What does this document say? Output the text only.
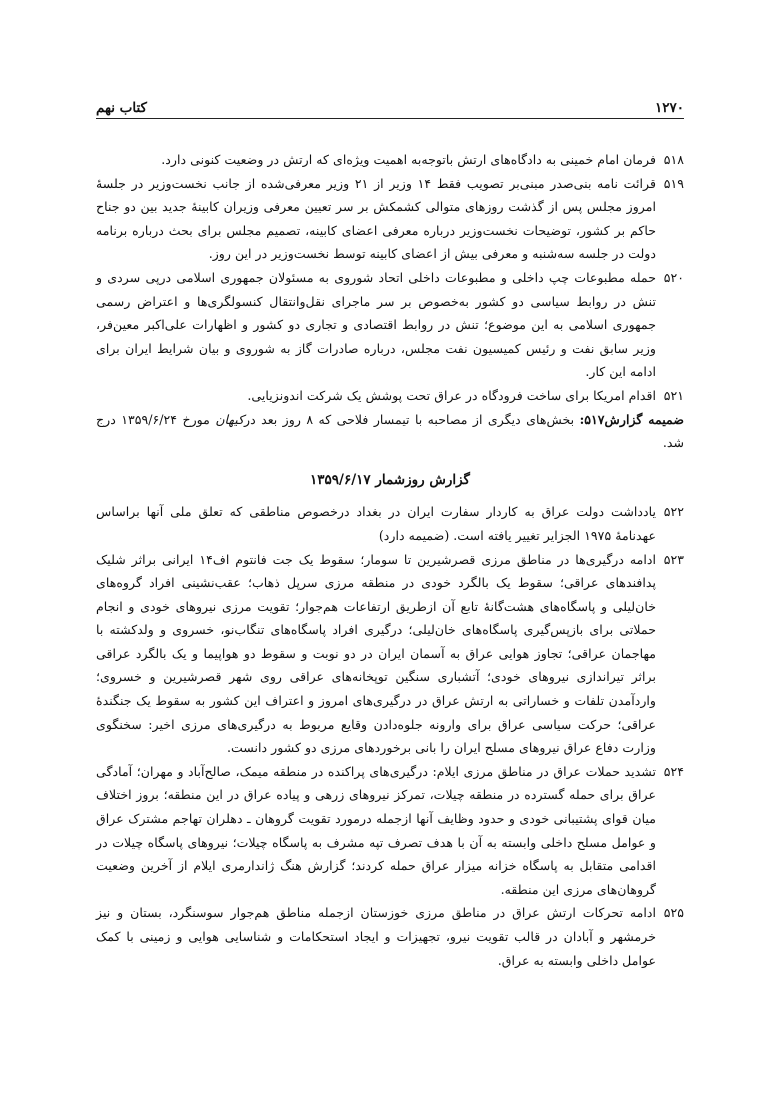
۱۲۷۰
کتاب نهم
۵۱۸
فرمان امام خمینی به دادگاه‌های ارتش باتوجه‌به اهمیت ویژه‌ای که ارتش در وضعیت کنونی دارد.
۵۱۹
قرائت نامه بنی‌صدر مبنی‌بر تصویب فقط ۱۴ وزیر از ۲۱ وزیر معرفی‌شده از جانب نخست‌وزیر در جلسهٔ امروز مجلس پس از گذشت روزهای متوالی کشمکش بر سر تعیین معرفی وزیران کابینهٔ جدید بین دو جناح حاکم بر کشور، توضیحات نخست‌وزیر درباره معرفی اعضای کابینه، تصمیم مجلس برای بحث درباره برنامه دولت در جلسه سه‌شنبه و معرفی بیش از اعضای کابینه توسط نخست‌وزیر در این روز.
۵۲۰
حمله مطبوعات چپ داخلی و مطبوعات داخلی اتحاد شوروی به مسئولان جمهوری اسلامی درپی سردی و تنش در روابط سیاسی دو کشور به‌خصوص بر سر ماجرای نقل‌وانتقال کنسولگری‌ها و اعتراض رسمی جمهوری اسلامی به این موضوع؛ تنش در روابط اقتصادی و تجاری دو کشور و اظهارات علی‌اکبر معین‌فر، وزیر سابق نفت و رئیس کمیسیون نفت مجلس، درباره صادرات گاز به شوروی و بیان شرایط ایران برای ادامه این کار.
۵۲۱
اقدام امریکا برای ساخت فرودگاه در عراق تحت پوشش یک شرکت اندونزیایی.
ضمیمه گزارش۵۱۷: بخش‌های دیگری از مصاحبه با تیمسار فلاحی که ۸ روز بعد درکیهان مورخ ۱۳۵۹/۶/۲۴ درج شد.
گزارش روزشمار ۱۳۵۹/۶/۱۷
۵۲۲
یادداشت دولت عراق به کاردار سفارت ایران در بغداد درخصوص مناطقی که تعلق ملی آنها براساس عهدنامهٔ ۱۹۷۵ الجزایر تغییر یافته است. (ضمیمه دارد)
۵۲۳
ادامه درگیری‌ها در مناطق مرزی قصرشیرین تا سومار؛ سقوط یک جت فانتوم اف۱۴ ایرانی براثر شلیک پدافندهای عراقی؛ سقوط یک بالگرد خودی در منطقه مرزی سرپل ذهاب؛ عقب‌نشینی افراد گروه‌های خان‌لیلی و پاسگاه‌های هشت‌گانهٔ تابع آن ازطریق ارتفاعات هم‌جوار؛ تقویت مرزی نیروهای خودی و انجام حملاتی برای بازپس‌گیری پاسگاه‌های خان‌لیلی؛ درگیری افراد پاسگاه‌های تنگاب‌نو، خسروی و ولدکشته با مهاجمان عراقی؛ تجاوز هوایی عراق به آسمان ایران در دو نوبت و سقوط دو هواپیما و یک بالگرد عراقی براثر تیراندازی نیروهای خودی؛ آتشباری سنگین توپخانه‌های عراقی روی شهر قصرشیرین و خسروی؛ واردآمدن تلفات و خساراتی به ارتش عراق در درگیری‌های امروز و اعتراف این کشور به سقوط یک جنگندهٔ عراقی؛ حرکت سیاسی عراق برای وارونه جلوه‌دادن وقایع مربوط به درگیری‌های مرزی اخیر: سخنگوی وزارت دفاع عراق نیروهای مسلح ایران را بانی برخوردهای مرزی دو کشور دانست.
۵۲۴
تشدید حملات عراق در مناطق مرزی ایلام: درگیری‌های پراکنده در منطقه میمک، صالح‌آباد و مهران؛ آمادگی عراق برای حمله گسترده در منطقه چیلات، تمرکز نیروهای زرهی و پیاده عراق در این منطقه؛ بروز اختلاف میان قوای پشتیبانی خودی و حدود وظایف آنها ازجمله درمورد تقویت گروهان ـ دهلران تهاجم مشترک عراق و عوامل مسلح داخلی وابسته به آن با هدف تصرف تپه مشرف به پاسگاه چیلات؛ نیروهای پاسگاه چیلات در اقدامی متقابل به پاسگاه خزانه میزار عراق حمله کردند؛ گزارش هنگ ژاندارمری ایلام از آخرین وضعیت گروهان‌های مرزی این منطقه.
۵۲۵
ادامه تحرکات ارتش عراق در مناطق مرزی خوزستان ازجمله مناطق هم‌جوار سوسنگرد، بستان و نیز خرمشهر و آبادان در قالب تقویت نیرو، تجهیزات و ایجاد استحکامات و شناسایی هوایی و زمینی با کمک عوامل داخلی وابسته به عراق.
